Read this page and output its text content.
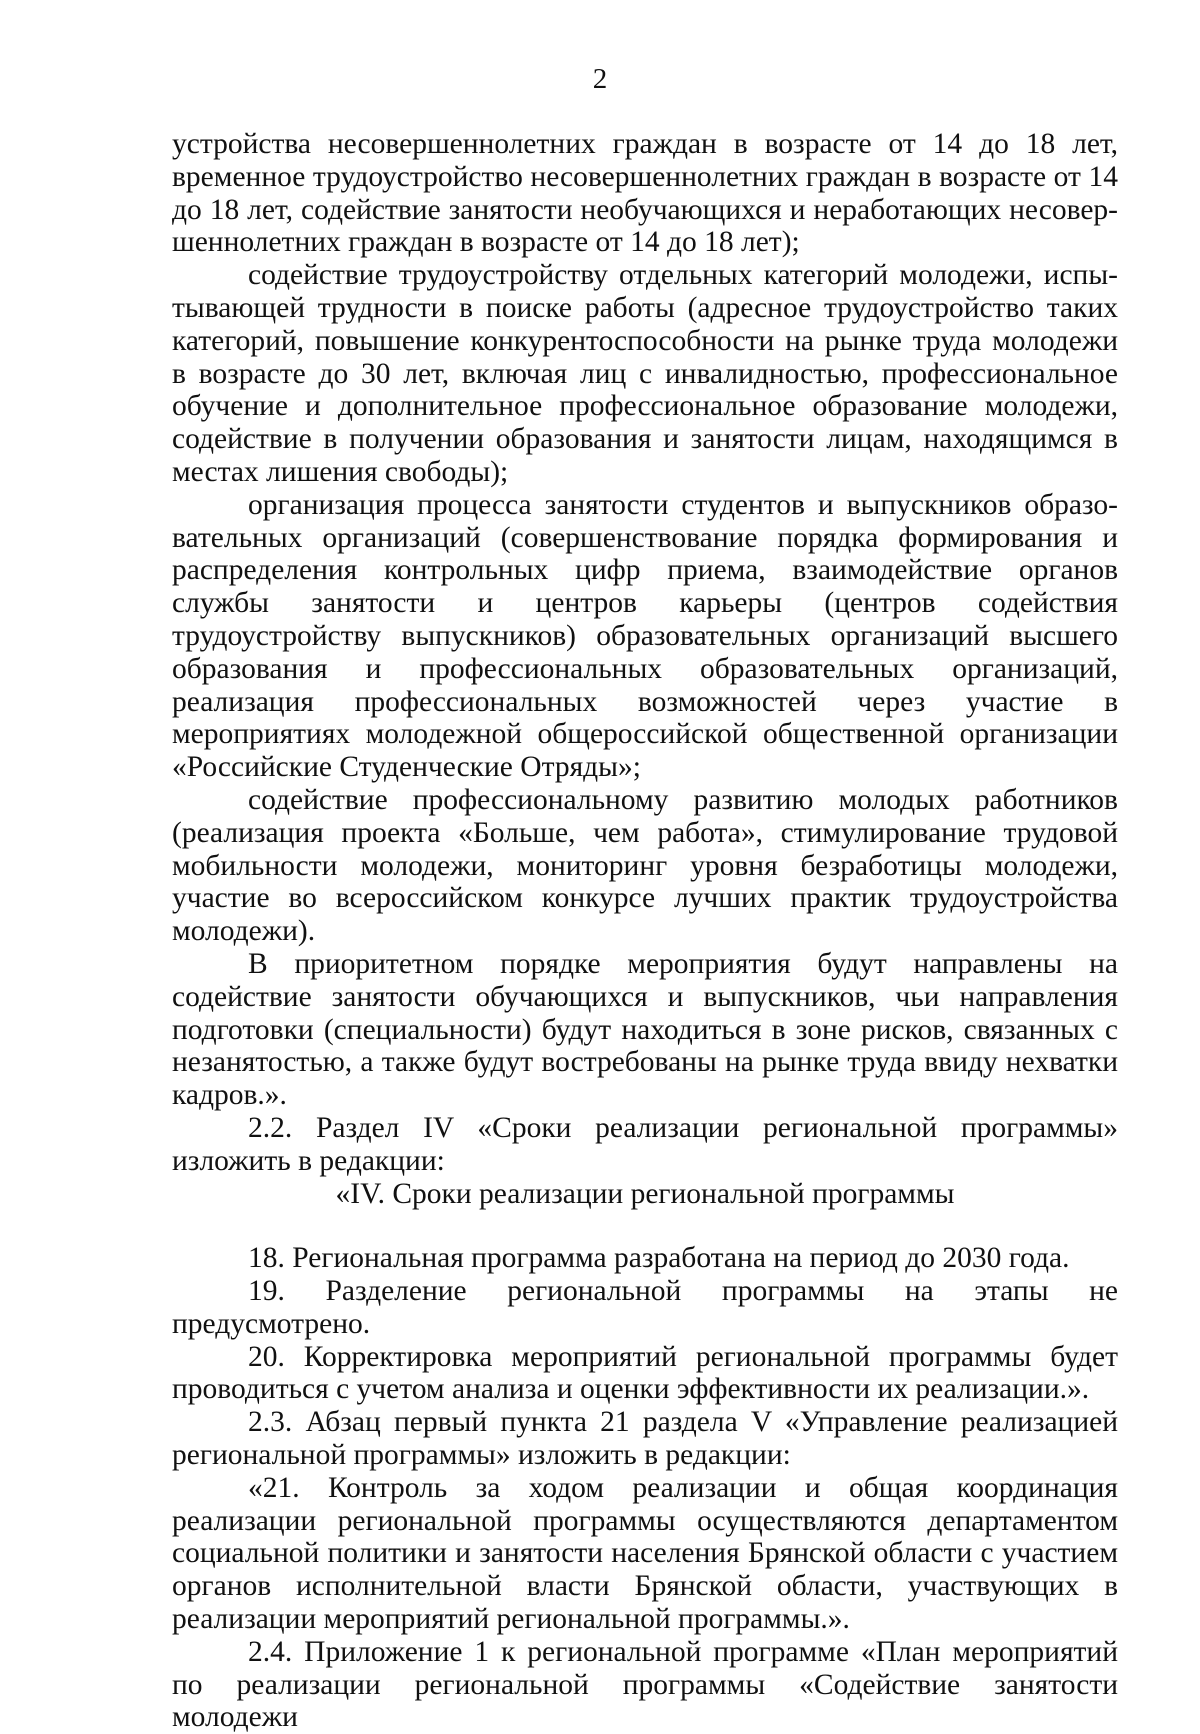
2

устройства несовершеннолетних граждан в возрасте от 14 до 18 лет, временное трудоустройство несовершеннолетних граждан в возрасте от 14 до 18 лет, содействие занятости необучающихся и неработающих несовершеннолетних граждан в возрасте от 14 до 18 лет);

содействие трудоустройству отдельных категорий молодежи, испытывающей трудности в поиске работы (адресное трудоустройство таких категорий, повышение конкурентоспособности на рынке труда молодежи в возрасте до 30 лет, включая лиц с инвалидностью, профессиональное обучение и дополнительное профессиональное образование молодежи, содействие в получении образования и занятости лицам, находящимся в местах лишения свободы);

организация процесса занятости студентов и выпускников образовательных организаций (совершенствование порядка формирования и распределения контрольных цифр приема, взаимодействие органов службы занятости и центров карьеры (центров содействия трудоустройству выпускников) образовательных организаций высшего образования и профессиональных образовательных организаций, реализация профессиональных возможностей через участие в мероприятиях молодежной общероссийской общественной организации «Российские Студенческие Отряды»;

содействие профессиональному развитию молодых работников (реализация проекта «Больше, чем работа», стимулирование трудовой мобильности молодежи, мониторинг уровня безработицы молодежи, участие во всероссийском конкурсе лучших практик трудоустройства молодежи).

В приоритетном порядке мероприятия будут направлены на содействие занятости обучающихся и выпускников, чьи направления подготовки (специальности) будут находиться в зоне рисков, связанных с незанятостью, а также будут востребованы на рынке труда ввиду нехватки кадров.».

2.2. Раздел IV «Сроки реализации региональной программы» изложить в редакции:

«IV. Сроки реализации региональной программы

18. Региональная программа разработана на период до 2030 года.

19. Разделение региональной программы на этапы не предусмотрено.

20. Корректировка мероприятий региональной программы будет проводиться с учетом анализа и оценки эффективности их реализации.».

2.3. Абзац первый пункта 21 раздела V «Управление реализацией региональной программы» изложить в редакции:

«21. Контроль за ходом реализации и общая координация реализации региональной программы осуществляются департаментом социальной политики и занятости населения Брянской области с участием органов исполнительной власти Брянской области, участвующих в реализации мероприятий региональной программы.».

2.4. Приложение 1 к региональной программе «План мероприятий по реализации региональной программы «Содействие занятости молодежи
